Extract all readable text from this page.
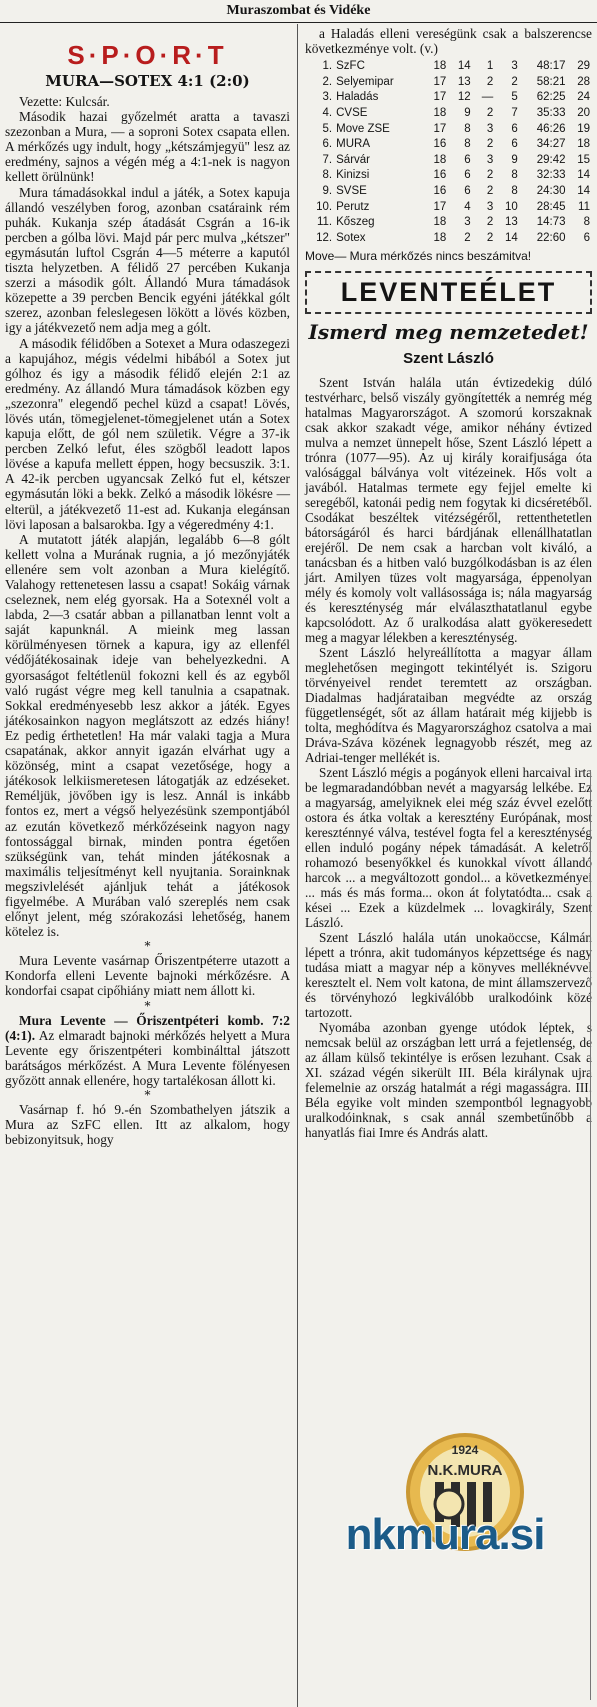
Muraszombat és Vidéke
S·P·O·R·T
MURA—SOTEX 4:1 (2:0)

Vezette: Kulcsár.

Második hazai győzelmét aratta a tavaszi szezonban a Mura, — a soproni Sotex csapata ellen. A mérkőzés ugy indult, hogy „kétszámjegyü" lesz az eredmény, sajnos a végén még a 4:1-nek is nagyon kellett örülnünk!

Mura támadásokkal indul a játék, a Sotex kapuja állandó veszélyben forog, azonban csatáraink rém puhák. Kukanja szép átadását Csgrán a 16-ik percben a gólba lövi. Majd pár perc mulva „kétszer" egymásután luftol Csgrán 4—5 méterre a kaputól tiszta helyzetben. A félidő 27 percében Kukanja szerzi a második gólt. Állandó Mura támadások közepette a 39 percben Bencik egyéni játékkal gólt szerez, azonban feleslegesen lökött a lövés közben, igy a játékvezető nem adja meg a gólt.

A második félidőben a Sotexet a Mura odaszegezi a kapujához, mégis védelmi hibából a Sotex jut gólhoz és igy a második félidő elején 2:1 az eredmény. Az állandó Mura támadások közben egy „szezonra" elegendő pechel küzd a csapat! Lövés, lövés után, tömegjelenet-tömegjelenet után a Sotex kapuja előtt, de gól nem születik. Végre a 37-ik percben Zelkó lefut, éles szögből leadott lapos lövése a kapufa mellett éppen, hogy becsuszik. 3:1. A 42-ik percben ugyancsak Zelkó fut el, kétszer egymásután löki a bekk. Zelkó a második lökésre — elterül, a játékvezető 11-est ad. Kukanja elegánsan lövi laposan a balsarokba. Igy a végeredmény 4:1.

A mutatott játék alapján, legalább 6—8 gólt kellett volna a Murának rugnia, a jó mezőnyjáték ellenére sem volt azonban a Mura kielégítő. Valahogy rettenetesen lassu a csapat! Sokáig várnak cseleznek, nem elég gyorsak. Ha a Sotexnél volt a labda, 2—3 csatár abban a pillanatban lennt volt a saját kapunknál. A mieink meg lassan körülményesen törnek a kapura, igy az ellenfél védőjátékosainak ideje van behelyezkedni. A gyorsaságot feltétlenül fokozni kell és az egyből való rugást végre meg kell tanulnia a csapatnak. Sokkal eredményesebb lesz akkor a játék. Egyes játékosainkon nagyon meglátszott az edzés hiány! Ez pedig érthetetlen! Ha már valaki tagja a Mura csapatának, akkor annyit igazán elvárhat ugy a közönség, mint a csapat vezetősége, hogy a játékosok lelkiismeretesen látogatják az edzéseket. Reméljük, jövőben igy is lesz. Annál is inkább fontos ez, mert a végső helyezésünk szempontjából az ezután következő mérkőzéseink nagyon nagy fontossággal birnak, minden pontra égetően szükségünk van, tehát minden játékosnak a maximális teljesítményt kell nyujtania. Sorainknak megszivlelését ajánljuk tehát a játékosok figyelmébe. A Murában való szereplés nem csak előnyt jelent, még szórakozási lehetőség, hanem kötelez is.

*

Mura Levente vasárnap Őriszentpéterre utazott a Kondorfa elleni Levente bajnoki mérkőzésre. A kondorfai csapat cipőhiány miatt nem állott ki.

*

Mura Levente — Őriszentpéteri komb. 7:2 (4:1). Az elmaradt bajnoki mérkőzés helyett a Mura Levente egy őriszentpéteri kombinálttal játszott barátságos mérkőzést. A Mura Levente fölényesen győzött annak ellenére, hogy tartalékosan állott ki.

*

Vasárnap f. hó 9.-én Szombathelyen játszik a Mura az SzFC ellen. Itt az alkalom, hogy bebizonyitsuk, hogy

a Haladás elleni vereségünk csak a balszerencse következménye volt. (v.)

1.	SzFC	18	14	1	3	48:17	29
2.	Selyemipar	17	13	2	2	58:21	28
3.	Haladás	17	12	—	5	62:25	24
4.	CVSE	18	9	2	7	35:33	20
5.	Move ZSE	17	8	3	6	46:26	19
6.	MURA	16	8	2	6	34:27	18
7.	Sárvár	18	6	3	9	29:42	15
8.	Kinizsi	16	6	2	8	32:33	14
9.	SVSE	16	6	2	8	24:30	14
10.	Perutz	17	4	3	10	28:45	11
11.	Kőszeg	18	3	2	13	14:73	8
12.	Sotex	18	2	2	14	22:60	6
Move— Mura mérkőzés nincs beszámitva!
LEVENTEÉLET
Ismerd meg nemzetedet!
Szent László

Szent István halála után évtizedekig dúló testvérharc, belső viszály gyöngítették a nemrég még hatalmas Magyarországot. A szomorú korszaknak csak akkor szakadt vége, amikor néhány évtized mulva a nemzet ünnepelt hőse, Szent László lépett a trónra (1077—95). Az uj király koraifjusága óta valósággal bálványa volt vitézeinek. Hős volt a javából. Hatalmas termete egy fejjel emelte ki seregéből, katonái pedig nem fogytak ki dicséretéből. Csodákat beszéltek vitézségéről, rettenthetetlen bátorságáról és harci bárdjának ellenállhatatlan erejéről. De nem csak a harcban volt kiváló, a tanácsban és a hitben való buzgólkodásban is az élen járt. Amilyen tüzes volt magyarsága, éppenolyan mély és komoly volt vallásossága is; nála magyarság és kereszténység már elválaszthatatlanul egybe kapcsolódott. Az ő uralkodása alatt gyökeresedett meg a magyar lélekben a kereszténység.

Szent László helyreállította a magyar állam meglehetősen megingott tekintélyét is. Szigoru törvényeivel rendet teremtett az országban. Diadalmas hadjárataiban megvédte az ország függetlenségét, sőt az állam határait még kijjebb is tolta, meghódítva és Magyarországhoz csatolva a mai Dráva-Száva közének legnagyobb részét, meg az Adriai-tenger mellékét is.

Szent László mégis a pogányok elleni harcaival irta be legmaradandóbban nevét a magyarság lelkébe. Ez a magyarság, amelyiknek elei még száz évvel ezelőtt ostora és átka voltak a keresztény Európának, most kereszténnyé válva, testével fogta fel a kereszténység ellen induló pogány népek támadását. A keletről rohamozó besenyőkkel és kunokkal vívott állandó harcok ... a megváltozott gondol... a következményei ... más és más forma... okon át folytatódta... csak a kései ... Ezek a küzdelmek ... lovagkirály, Szent László.

Szent László halála után unokaöccse, Kálmán lépett a trónra, akit tudományos képzettsége és nagy tudása miatt a magyar nép a könyves melléknévvel keresztelt el. Nem volt katona, de mint államszervező és törvényhozó legkiválóbb uralkodóink közé tartozott.

Nyomába azonban gyenge utódok léptek, s nemcsak belül az országban lett urrá a fejetlenség, de az állam külső tekintélye is erősen lezuhant. Csak a XI. század végén sikerült III. Béla királynak ujra felemelnie az ország hatalmát a régi magasságra. III. Béla egyike volt minden szempontból legnagyobb uralkodóinknak, s csak annál szembetűnőbb a hanyatlás fiai Imre és András alatt.

1924
N.K.MURA
nkmura.si
